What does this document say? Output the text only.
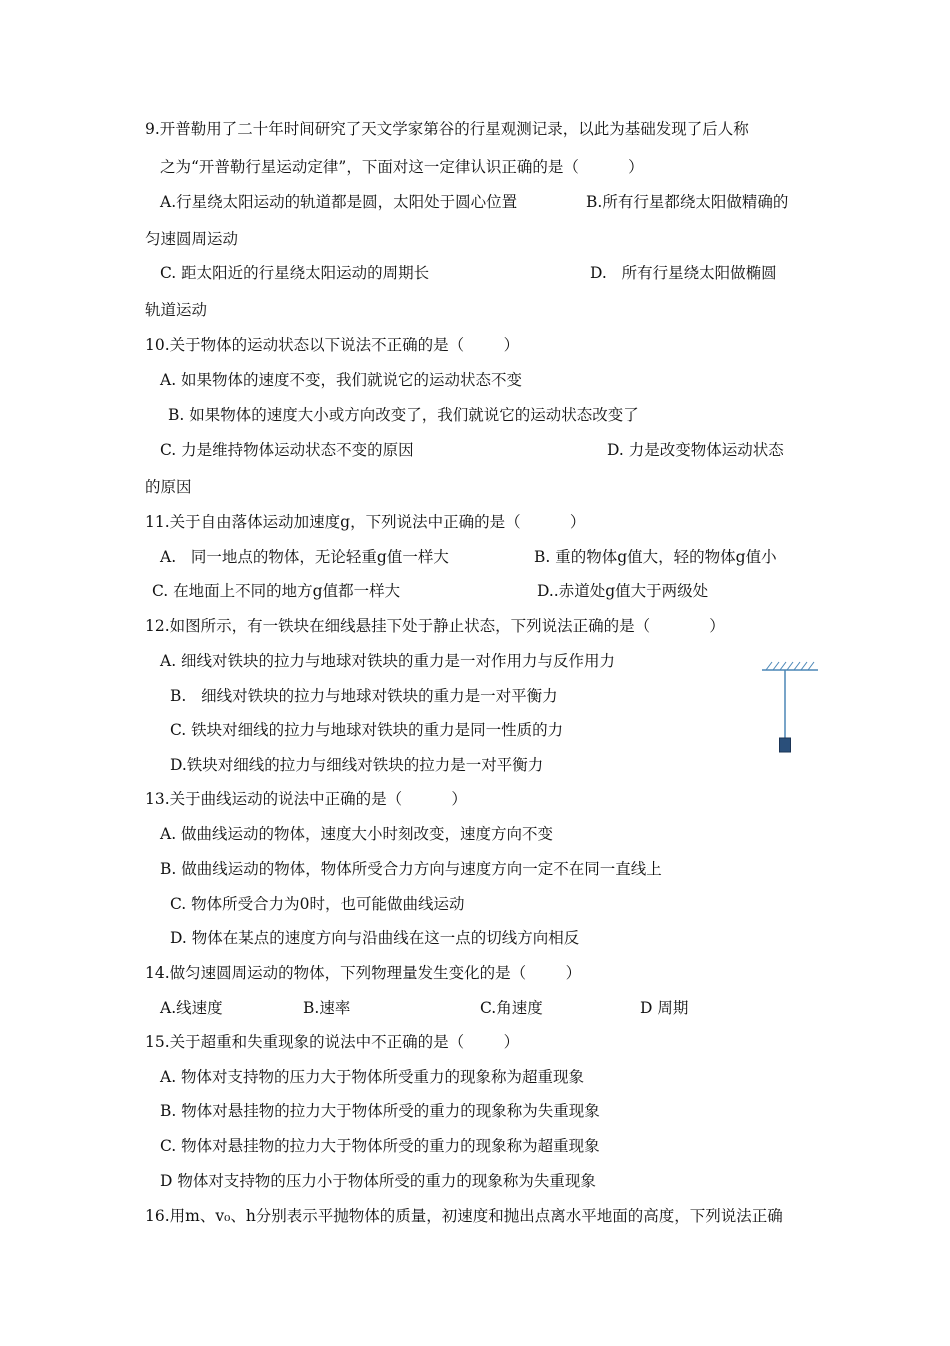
9.开普勒用了二十年时间研究了天文学家第谷的行星观测记录，以此为基础发现了后人称
之为“开普勒行星运动定律”，下面对这一定律认识正确的是（          ）
A.行星绕太阳运动的轨道都是圆，太阳处于圆心位置	B.所有行星都绕太阳做精确的
匀速圆周运动
C. 距太阳近的行星绕太阳运动的周期长	D.   所有行星绕太阳做椭圆
轨道运动
10.关于物体的运动状态以下说法不正确的是（        ）
A. 如果物体的速度不变，我们就说它的运动状态不变
B. 如果物体的速度大小或方向改变了，我们就说它的运动状态改变了
C. 力是维持物体运动状态不变的原因	D. 力是改变物体运动状态
的原因
11.关于自由落体运动加速度g，下列说法中正确的是（          ）
A.   同一地点的物体，无论轻重g值一样大	B. 重的物体g值大，轻的物体g值小
C. 在地面上不同的地方g值都一样大	D..赤道处g值大于两级处
12.如图所示，有一铁块在细线悬挂下处于静止状态，下列说法正确的是（            ）
A. 细线对铁块的拉力与地球对铁块的重力是一对作用力与反作用力
B.   细线对铁块的拉力与地球对铁块的重力是一对平衡力
C. 铁块对细线的拉力与地球对铁块的重力是同一性质的力
D.铁块对细线的拉力与细线对铁块的拉力是一对平衡力
13.关于曲线运动的说法中正确的是（          ）
A. 做曲线运动的物体，速度大小时刻改变，速度方向不变
B. 做曲线运动的物体，物体所受合力方向与速度方向一定不在同一直线上
C. 物体所受合力为0时，也可能做曲线运动
D. 物体在某点的速度方向与沿曲线在这一点的切线方向相反
14.做匀速圆周运动的物体，下列物理量发生变化的是（        ）
A.线速度	B.速率	C.角速度	D 周期
15.关于超重和失重现象的说法中不正确的是（        ）
A. 物体对支持物的压力大于物体所受重力的现象称为超重现象
B. 物体对悬挂物的拉力大于物体所受的重力的现象称为失重现象
C. 物体对悬挂物的拉力大于物体所受的重力的现象称为超重现象
D 物体对支持物的压力小于物体所受的重力的现象称为失重现象
16.用m、v₀、h分别表示平抛物体的质量，初速度和抛出点离水平地面的高度，下列说法正确
